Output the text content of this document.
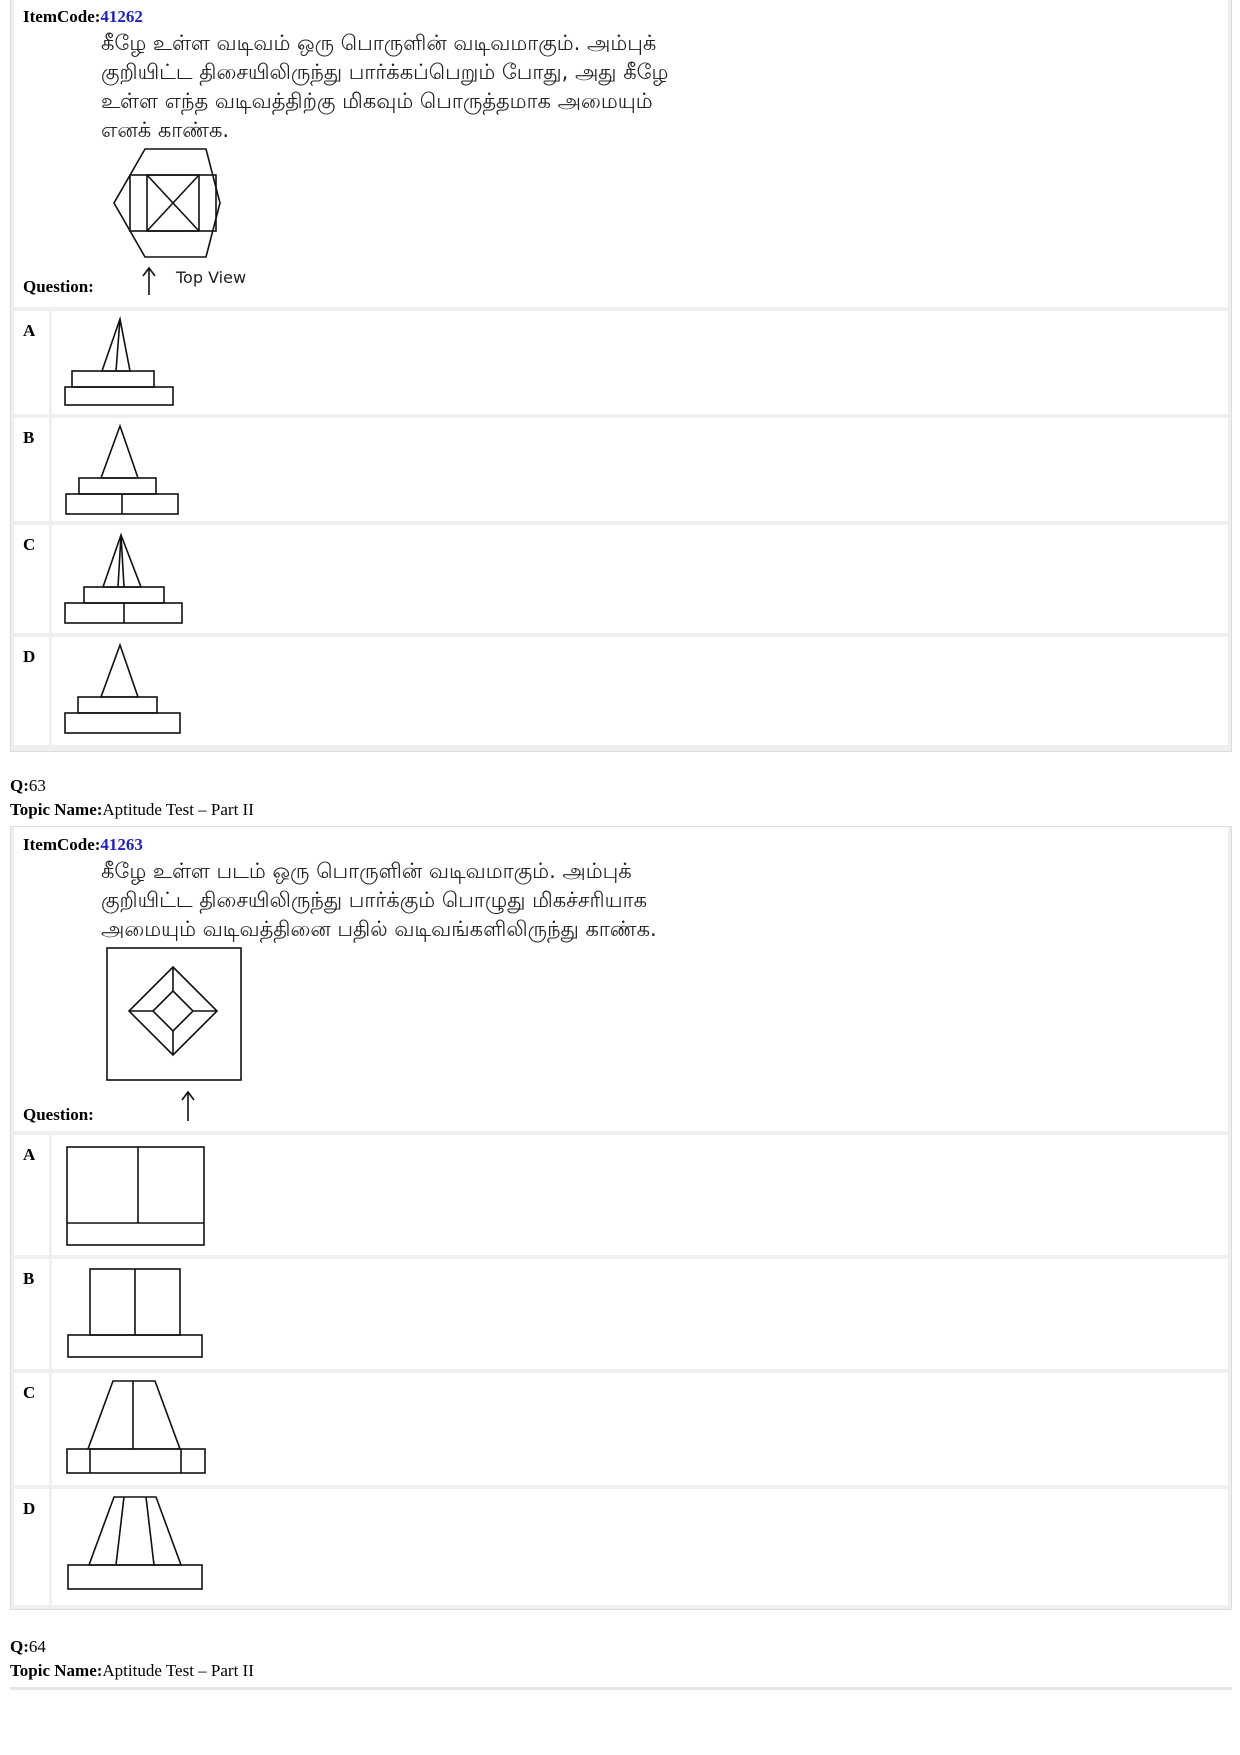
ItemCode:41262
கீழே உள்ள வடிவம் ஒரு பொருளின் வடிவமாகும். அம்புக்
குறியிட்ட திசையிலிருந்து பார்க்கப்பெறும் போது, அது கீழே
உள்ள எந்த வடிவத்திற்கு மிகவும் பொருத்தமாக அமையும்
எனக் காண்க.
Top View
Question:
A
B
C
D
Q:63
Topic Name:Aptitude Test – Part II
ItemCode:41263
கீழே உள்ள படம் ஒரு பொருளின் வடிவமாகும். அம்புக்
குறியிட்ட திசையிலிருந்து பார்க்கும் பொழுது மிகச்சரியாக
அமையும் வடிவத்தினை பதில் வடிவங்களிலிருந்து காண்க.
Question:
A
B
C
D
Q:64
Topic Name:Aptitude Test – Part II
